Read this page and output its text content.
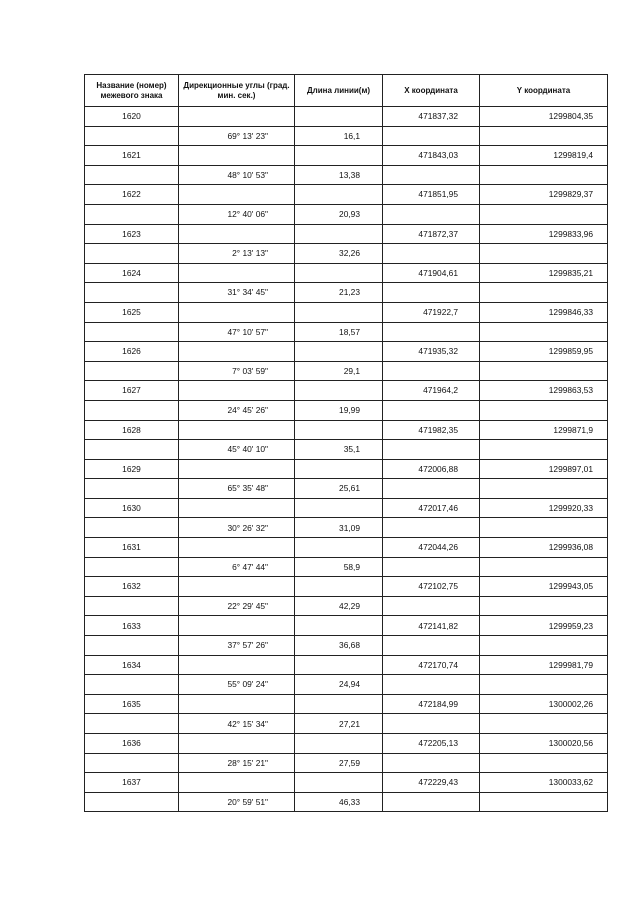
Название (номер) межевого знака	Дирекционные углы (град. мин. сек.)	Длина линии(м)	X координата	Y координата
1620			471837,32	1299804,35
	69° 13' 23"	16,1		
1621			471843,03	1299819,4
	48° 10' 53"	13,38		
1622			471851,95	1299829,37
	12° 40' 06"	20,93		
1623			471872,37	1299833,96
	2° 13' 13"	32,26		
1624			471904,61	1299835,21
	31° 34' 45"	21,23		
1625			471922,7	1299846,33
	47° 10' 57"	18,57		
1626			471935,32	1299859,95
	7° 03' 59"	29,1		
1627			471964,2	1299863,53
	24° 45' 26"	19,99		
1628			471982,35	1299871,9
	45° 40' 10"	35,1		
1629			472006,88	1299897,01
	65° 35' 48"	25,61		
1630			472017,46	1299920,33
	30° 26' 32"	31,09		
1631			472044,26	1299936,08
	6° 47' 44"	58,9		
1632			472102,75	1299943,05
	22° 29' 45"	42,29		
1633			472141,82	1299959,23
	37° 57' 26"	36,68		
1634			472170,74	1299981,79
	55° 09' 24"	24,94		
1635			472184,99	1300002,26
	42° 15' 34"	27,21		
1636			472205,13	1300020,56
	28° 15' 21"	27,59		
1637			472229,43	1300033,62
	20° 59' 51"	46,33		
